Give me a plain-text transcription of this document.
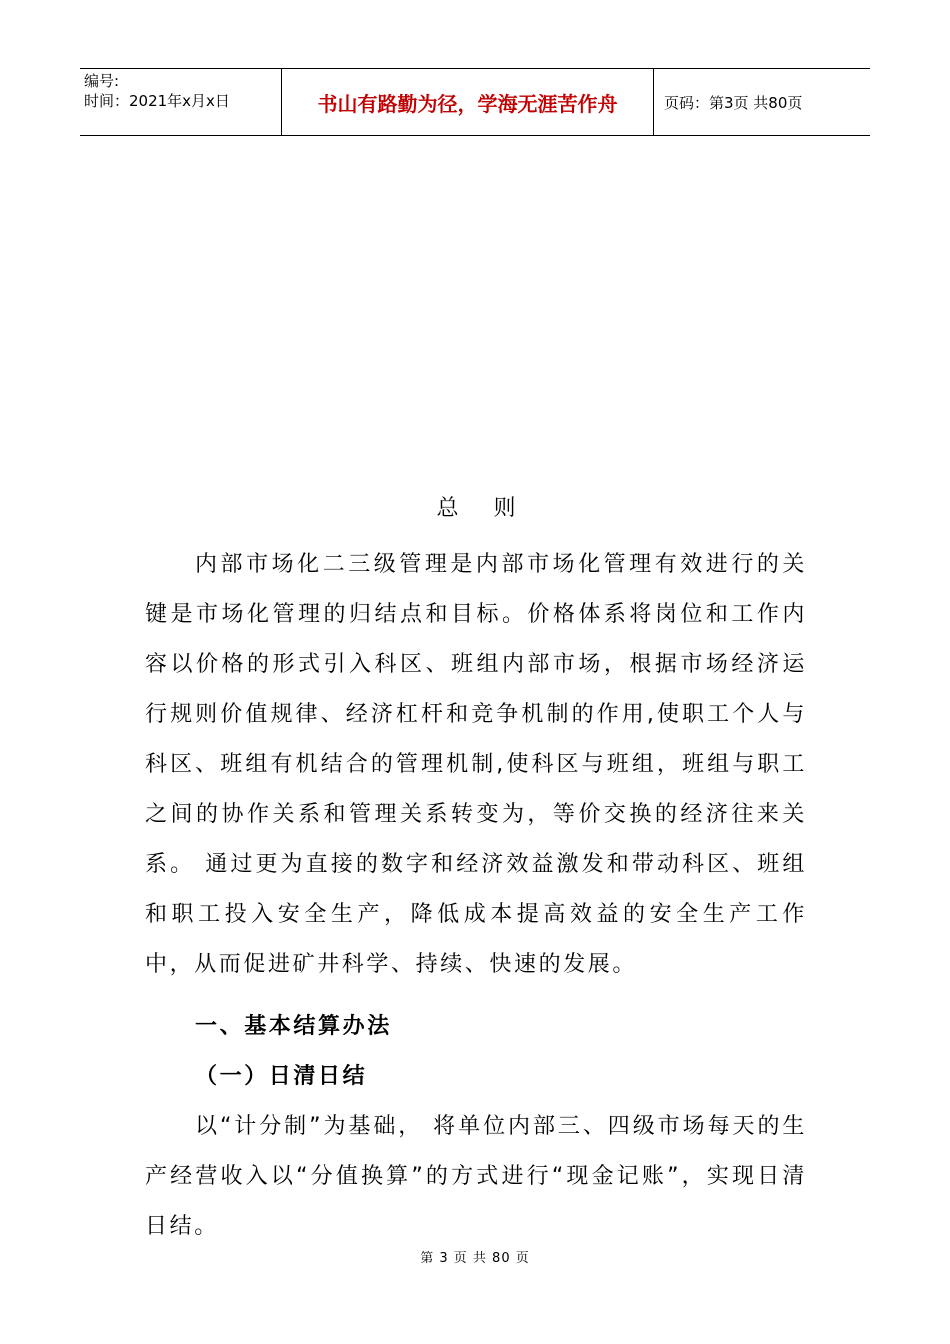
编号:
时间：2021年x月x日	书山有路勤为径，学海无涯苦作舟	页码：第3页 共80页
总 则

内部市场化二三级管理是内部市场化管理有效进行的关键是市场化管理的归结点和目标。价格体系将岗位和工作内容以价格的形式引入科区、班组内部市场，根据市场经济运行规则价值规律、经济杠杆和竞争机制的作用,使职工个人与科区、班组有机结合的管理机制,使科区与班组，班组与职工之间的协作关系和管理关系转变为，等价交换的经济往来关系。 通过更为直接的数字和经济效益激发和带动科区、班组和职工投入安全生产，降低成本提高效益的安全生产工作中，从而促进矿井科学、持续、快速的发展。

一、基本结算办法
（一）日清日结

以“计分制”为基础， 将单位内部三、四级市场每天的生产经营收入以“分值换算”的方式进行“现金记账”，实现日清日结。

第 3 页 共 80 页
